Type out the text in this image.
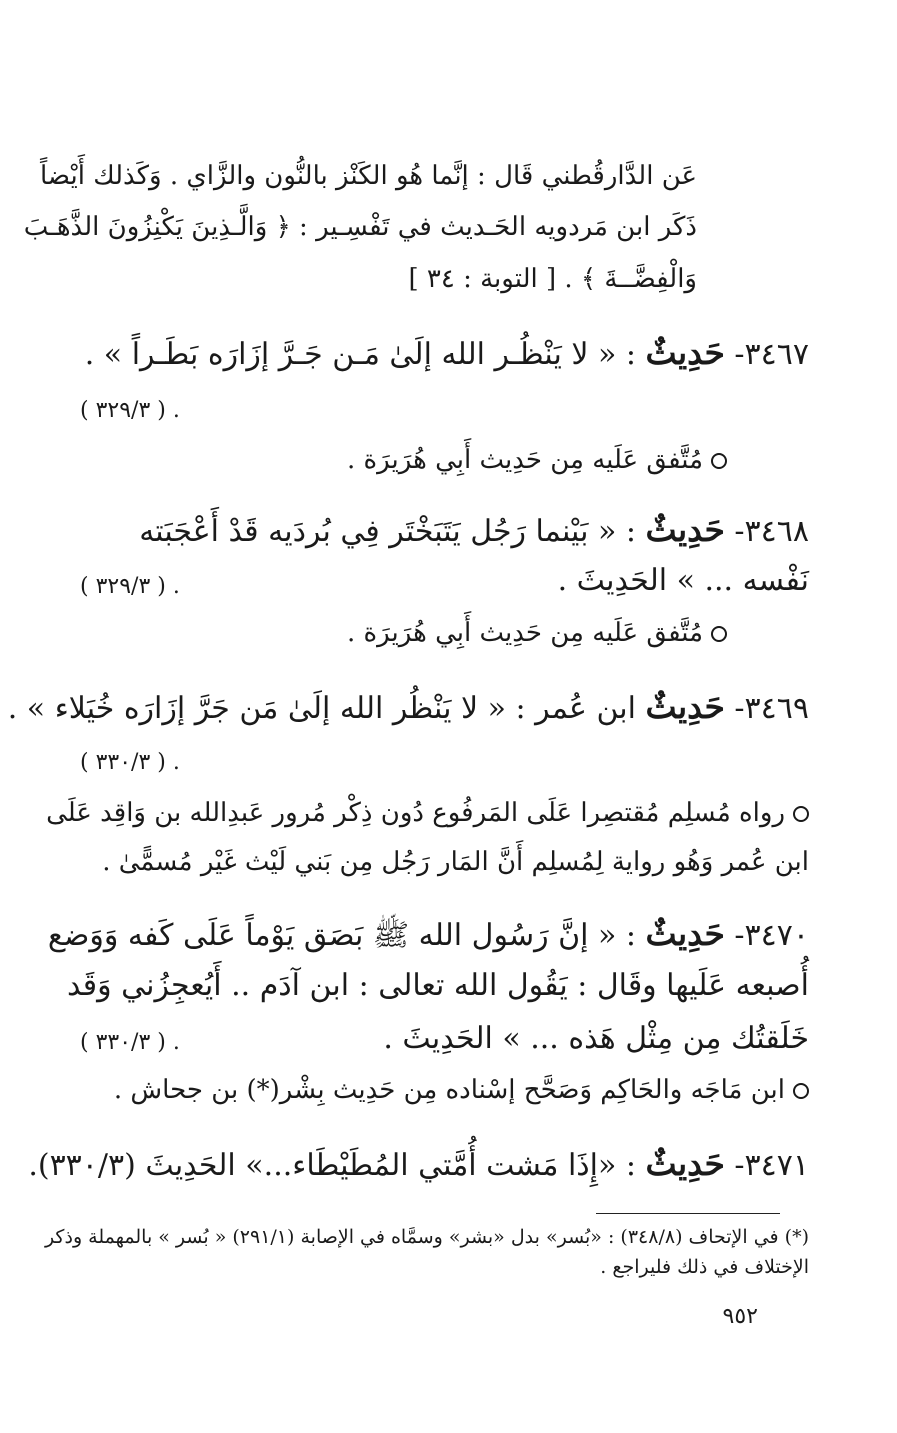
عَن الدَّارقُطني قَال : إنَّما هُو الكَنْز بالنُّون والزَّاي . وَكَذلك أَيْضاً
ذَكَر ابن مَردويه الحَـديث في تَفْسِـير : ﴿ وَالَّـذِينَ يَكْنِزُونَ الذَّهَـبَ
وَالْفِضَّــةَ ﴾ . [ التوبة : ٣٤ ]
٣٤٦٧- حَدِيثٌ : « لا يَنْظُـر الله إلَىٰ مَـن جَـرَّ إزَارَه بَطَـراً » .
. ( ٣٢٩/٣ )
مُتَّفق عَلَيه مِن حَدِيث أَبِي هُرَيرَة .
٣٤٦٨- حَدِيثٌ : « بَيْنما رَجُل يَتَبَخْتَر فِي بُردَيه قَدْ أَعْجَبَته
نَفْسه ... » الحَدِيثَ .
. ( ٣٢٩/٣ )
مُتَّفق عَلَيه مِن حَدِيث أَبِي هُرَيرَة .
٣٤٦٩- حَدِيثٌ ابن عُمر : « لا يَنْظُر الله إلَىٰ مَن جَرَّ إزَارَه خُيَلاء » .
. ( ٣٣٠/٣ )
رواه مُسلِم مُقتصِرا عَلَى المَرفُوع دُون ذِكْر مُرور عَبدِالله بن وَاقِد عَلَى
ابن عُمر وَهُو رواية لِمُسلِم أَنَّ المَار رَجُل مِن بَني لَيْث غَيْر مُسمًّىٰ .
٣٤٧٠- حَدِيثٌ : « إنَّ رَسُول الله ﷺ بَصَق يَوْماً عَلَى كَفه وَوَضع
أُصبعه عَلَيها وقَال : يَقُول الله تعالى : ابن آدَم .. أَيُعجِزُني وَقَد
خَلَقتُك مِن مِثْل هَذه ... » الحَدِيثَ .
. ( ٣٣٠/٣ )
ابن مَاجَه والحَاكِم وَصَحَّح إسْناده مِن حَدِيث بِشْر(*) بن جحاش .
٣٤٧١- حَدِيثٌ : «إِذَا مَشت أُمَّتي المُطَيْطَاء...» الحَدِيثَ (٣٣٠/٣).
(*) في الإتحاف (٣٤٨/٨) : «بُسر» بدل «بشر» وسمَّاه في الإصابة (٢٩١/١) « بُسر » بالمهملة وذكر
الإختلاف في ذلك فليراجع .
٩٥٢
